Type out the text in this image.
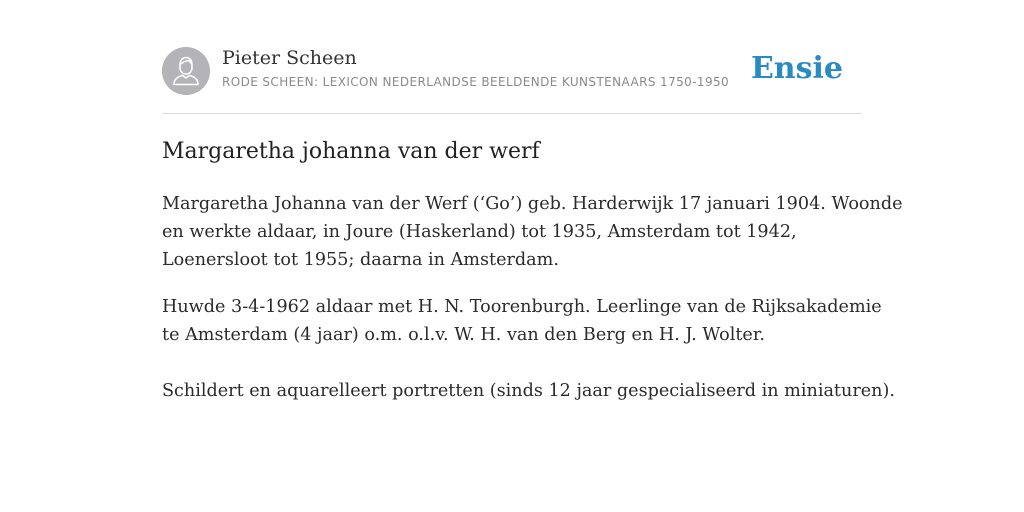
Pieter Scheen
RODE SCHEEN: LEXICON NEDERLANDSE BEELDENDE KUNSTENAARS 1750-1950 Ensie
Margaretha johanna van der werf

Margaretha Johanna van der Werf (‘Go’) geb. Harderwijk 17 januari 1904. Woonde
en werkte aldaar, in Joure (Haskerland) tot 1935, Amsterdam tot 1942,
Loenersloot tot 1955; daarna in Amsterdam.

Huwde 3-4-1962 aldaar met H. N. Toorenburgh. Leerlinge van de Rijksakademie
te Amsterdam (4 jaar) o.m. o.l.v. W. H. van den Berg en H. J. Wolter.

Schildert en aquarelleert portretten (sinds 12 jaar gespecialiseerd in miniaturen).
